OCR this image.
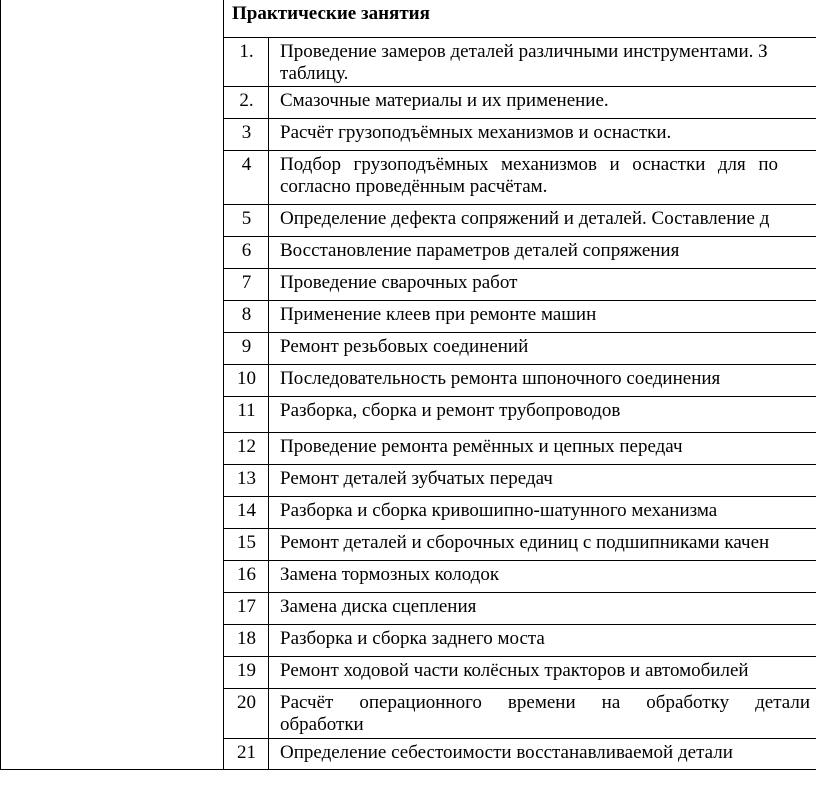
Практические занятия
1.	Проведение замеров деталей различными инструментами. З
таблицу.
2.	Смазочные материалы и их применение.
3	Расчёт грузоподъёмных механизмов и оснастки.
4	Подбор грузоподъёмных механизмов и оснастки для по
согласно проведённым расчётам.
5	Определение дефекта сопряжений и деталей. Составление д
6	Восстановление параметров деталей сопряжения
7	Проведение сварочных работ
8	Применение клеев при ремонте машин
9	Ремонт резьбовых соединений
10	Последовательность ремонта шпоночного соединения
11	Разборка, сборка и ремонт трубопроводов
12	Проведение ремонта ремённых и цепных передач
13	Ремонт деталей зубчатых передач
14	Разборка и сборка кривошипно-шатунного механизма
15	Ремонт деталей и сборочных единиц с подшипниками качен
16	Замена тормозных колодок
17	Замена диска сцепления
18	Разборка и сборка заднего моста
19	Ремонт ходовой части колёсных тракторов и автомобилей
20	Расчёт операционного времени на обработку детали
обработки
21	Определение себестоимости восстанавливаемой детали
